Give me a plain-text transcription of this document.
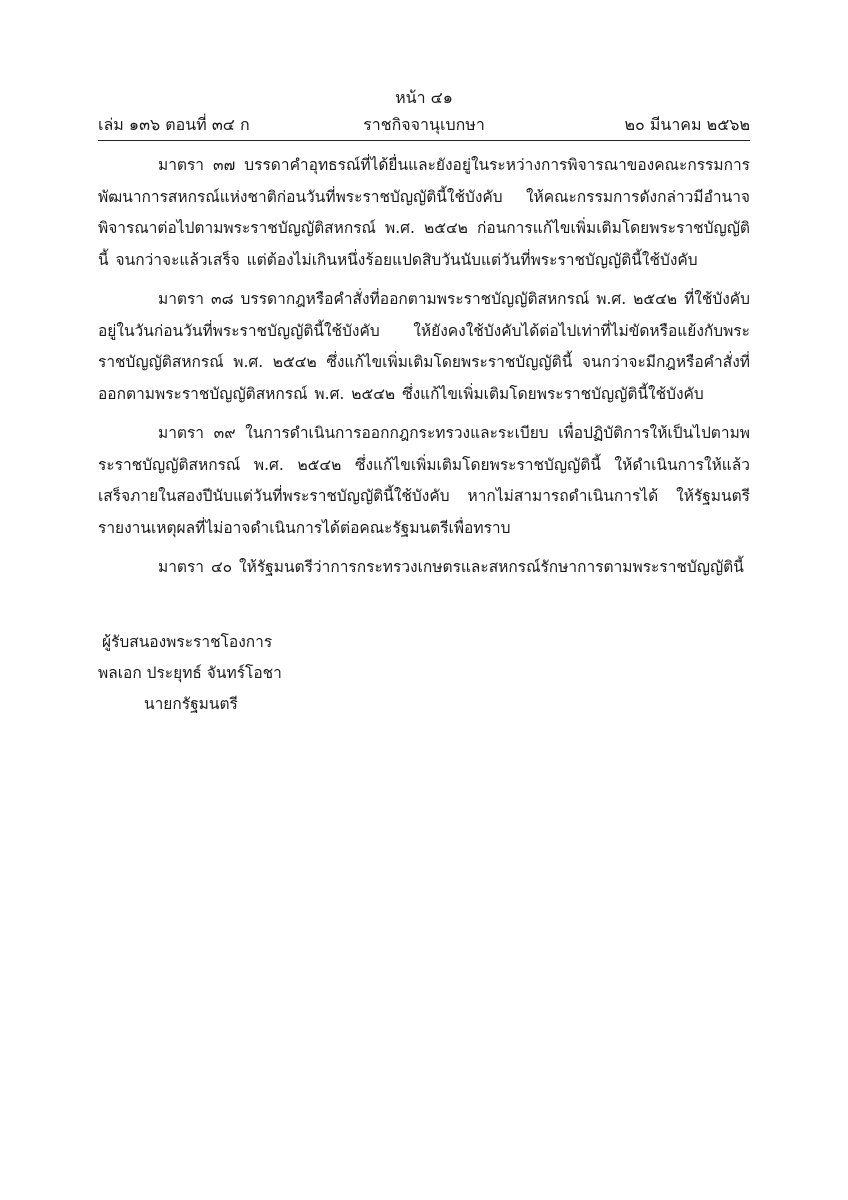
หน้า ๔๑
ราชกิจจานุเบกษา
เล่ม ๑๓๖ ตอนที่ ๓๔ ก	๒๐ มีนาคม ๒๕๖๒

มาตรา ๓๗ บรรดาคำอุทธรณ์ที่ได้ยื่นและยังอยู่ในระหว่างการพิจารณาของคณะกรรมการพัฒนาการสหกรณ์แห่งชาติก่อนวันที่พระราชบัญญัตินี้ใช้บังคับ ให้คณะกรรมการดังกล่าวมีอำนาจพิจารณาต่อไปตามพระราชบัญญัติสหกรณ์ พ.ศ. ๒๕๔๒ ก่อนการแก้ไขเพิ่มเติมโดยพระราชบัญญัตินี้ จนกว่าจะแล้วเสร็จ แต่ต้องไม่เกินหนึ่งร้อยแปดสิบวันนับแต่วันที่พระราชบัญญัตินี้ใช้บังคับ

มาตรา ๓๘ บรรดากฎหรือคำสั่งที่ออกตามพระราชบัญญัติสหกรณ์ พ.ศ. ๒๕๔๒ ที่ใช้บังคับอยู่ในวันก่อนวันที่พระราชบัญญัตินี้ใช้บังคับ ให้ยังคงใช้บังคับได้ต่อไปเท่าที่ไม่ขัดหรือแย้งกับพระราชบัญญัติสหกรณ์ พ.ศ. ๒๕๔๒ ซึ่งแก้ไขเพิ่มเติมโดยพระราชบัญญัตินี้ จนกว่าจะมีกฎหรือคำสั่งที่ออกตามพระราชบัญญัติสหกรณ์ พ.ศ. ๒๕๔๒ ซึ่งแก้ไขเพิ่มเติมโดยพระราชบัญญัตินี้ใช้บังคับ

มาตรา ๓๙ ในการดำเนินการออกกฎกระทรวงและระเบียบ เพื่อปฏิบัติการให้เป็นไปตามพระราชบัญญัติสหกรณ์ พ.ศ. ๒๕๔๒ ซึ่งแก้ไขเพิ่มเติมโดยพระราชบัญญัตินี้ ให้ดำเนินการให้แล้วเสร็จภายในสองปีนับแต่วันที่พระราชบัญญัตินี้ใช้บังคับ หากไม่สามารถดำเนินการได้ ให้รัฐมนตรีรายงานเหตุผลที่ไม่อาจดำเนินการได้ต่อคณะรัฐมนตรีเพื่อทราบ

มาตรา ๔๐ ให้รัฐมนตรีว่าการกระทรวงเกษตรและสหกรณ์รักษาการตามพระราชบัญญัตินี้

ผู้รับสนองพระราชโองการ
พลเอก ประยุทธ์ จันทร์โอชา
นายกรัฐมนตรี
